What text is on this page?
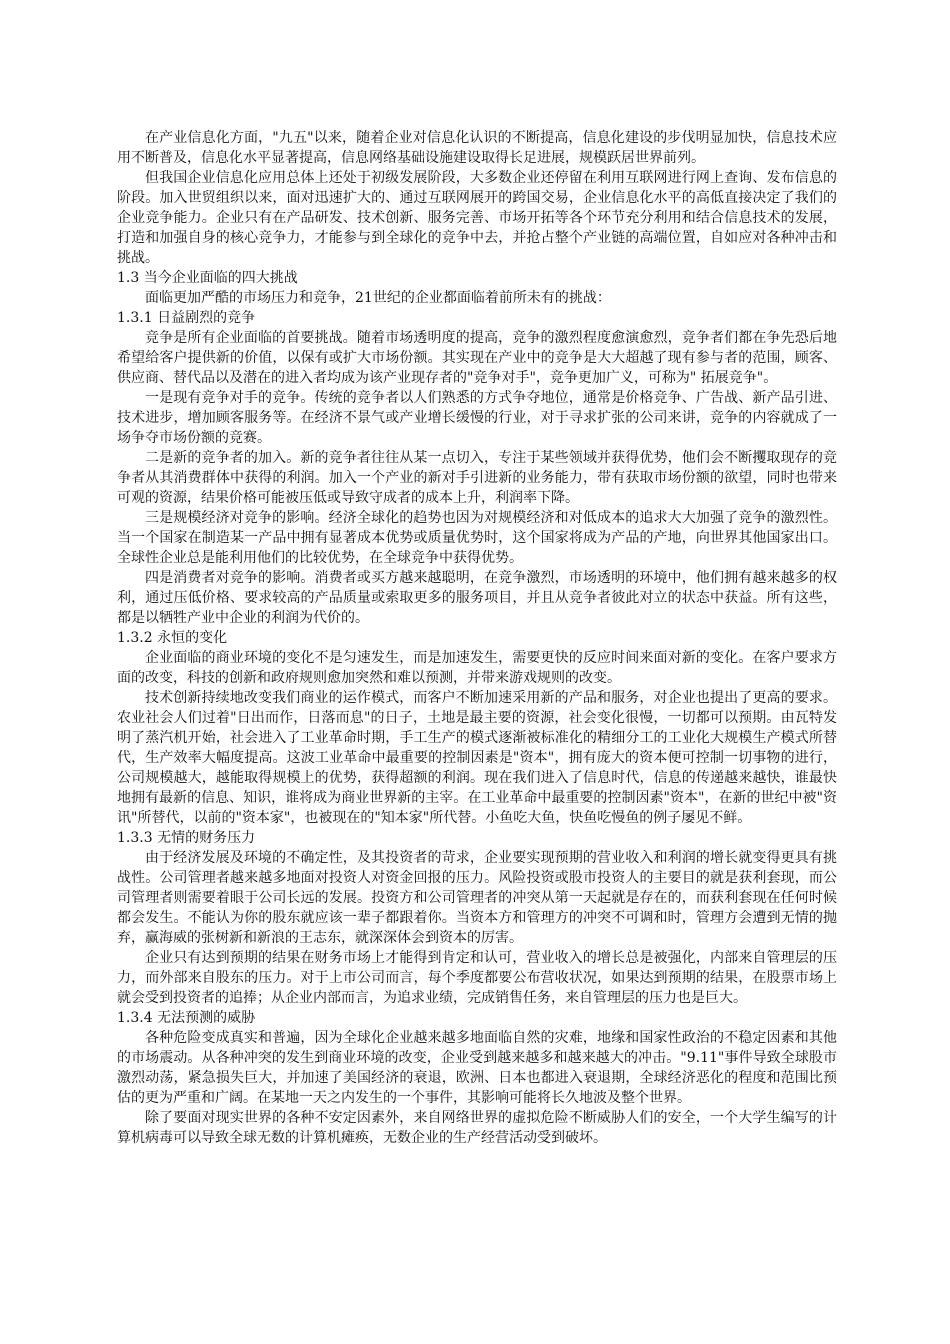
在产业信息化方面，"九五"以来，随着企业对信息化认识的不断提高，信息化建设的步伐明显加快，信息技术应用不断普及，信息化水平显著提高，信息网络基础设施建设取得长足进展，规模跃居世界前列。

但我国企业信息化应用总体上还处于初级发展阶段，大多数企业还停留在利用互联网进行网上查询、发布信息的阶段。加入世贸组织以来，面对迅速扩大的、通过互联网展开的跨国交易，企业信息化水平的高低直接决定了我们的企业竞争能力。企业只有在产品研发、技术创新、服务完善、市场开拓等各个环节充分利用和结合信息技术的发展，打造和加强自身的核心竞争力，才能参与到全球化的竞争中去，并抢占整个产业链的高端位置，自如应对各种冲击和挑战。

1.3 当今企业面临的四大挑战

面临更加严酷的市场压力和竞争，21世纪的企业都面临着前所未有的挑战：

1.3.1 日益剧烈的竞争

竞争是所有企业面临的首要挑战。随着市场透明度的提高，竞争的激烈程度愈演愈烈，竞争者们都在争先恐后地希望给客户提供新的价值，以保有或扩大市场份额。其实现在产业中的竞争是大大超越了现有参与者的范围，顾客、供应商、替代品以及潜在的进入者均成为该产业现存者的"竞争对手"，竞争更加广义，可称为" 拓展竞争"。

一是现有竞争对手的竞争。传统的竞争者以人们熟悉的方式争夺地位，通常是价格竞争、广告战、新产品引进、技术进步，增加顾客服务等。在经济不景气或产业增长缓慢的行业，对于寻求扩张的公司来讲，竞争的内容就成了一场争夺市场份额的竞赛。

二是新的竞争者的加入。新的竞争者往往从某一点切入，专注于某些领域并获得优势，他们会不断攫取现存的竞争者从其消费群体中获得的利润。加入一个产业的新对手引进新的业务能力，带有获取市场份额的欲望，同时也带来可观的资源，结果价格可能被压低或导致守成者的成本上升，利润率下降。

三是规模经济对竞争的影响。经济全球化的趋势也因为对规模经济和对低成本的追求大大加强了竞争的激烈性。当一个国家在制造某一产品中拥有显著成本优势或质量优势时，这个国家将成为产品的产地，向世界其他国家出口。全球性企业总是能利用他们的比较优势，在全球竞争中获得优势。

四是消费者对竞争的影响。消费者或买方越来越聪明，在竞争激烈，市场透明的环境中，他们拥有越来越多的权利，通过压低价格、要求较高的产品质量或索取更多的服务项目，并且从竞争者彼此对立的状态中获益。所有这些，都是以牺牲产业中企业的利润为代价的。

1.3.2 永恒的变化

企业面临的商业环境的变化不是匀速发生，而是加速发生，需要更快的反应时间来面对新的变化。在客户要求方面的改变，科技的创新和政府规则愈加突然和难以预测，并带来游戏规则的改变。

技术创新持续地改变我们商业的运作模式，而客户不断加速采用新的产品和服务，对企业也提出了更高的要求。农业社会人们过着"日出而作，日落而息"的日子，土地是最主要的资源，社会变化很慢，一切都可以预期。由瓦特发明了蒸汽机开始，社会进入了工业革命时期，手工生产的模式逐渐被标准化的精细分工的工业化大规模生产模式所替代，生产效率大幅度提高。这波工业革命中最重要的控制因素是"资本"，拥有庞大的资本便可控制一切事物的进行，公司规模越大，越能取得规模上的优势，获得超额的利润。现在我们进入了信息时代，信息的传递越来越快，谁最快地拥有最新的信息、知识，谁将成为商业世界新的主宰。在工业革命中最重要的控制因素"资本"，在新的世纪中被"资讯"所替代，以前的"资本家"，也被现在的"知本家"所代替。小鱼吃大鱼，快鱼吃慢鱼的例子屡见不鲜。

1.3.3 无情的财务压力

由于经济发展及环境的不确定性，及其投资者的苛求，企业要实现预期的营业收入和利润的增长就变得更具有挑战性。公司管理者越来越多地面对投资人对资金回报的压力。风险投资或股市投资人的主要目的就是获利套现，而公司管理者则需要着眼于公司长远的发展。投资方和公司管理者的冲突从第一天起就是存在的，而获利套现在任何时候都会发生。不能认为你的股东就应该一辈子都跟着你。当资本方和管理方的冲突不可调和时，管理方会遭到无情的抛弃，赢海威的张树新和新浪的王志东，就深深体会到资本的厉害。

企业只有达到预期的结果在财务市场上才能得到肯定和认可，营业收入的增长总是被强化，内部来自管理层的压力，而外部来自股东的压力。对于上市公司而言，每个季度都要公布营收状况，如果达到预期的结果，在股票市场上就会受到投资者的追捧；从企业内部而言，为追求业绩，完成销售任务，来自管理层的压力也是巨大。

1.3.4 无法预测的威胁

各种危险变成真实和普遍，因为全球化企业越来越多地面临自然的灾难，地缘和国家性政治的不稳定因素和其他的市场震动。从各种冲突的发生到商业环境的改变，企业受到越来越多和越来越大的冲击。"9.11"事件导致全球股市激烈动荡，紧急损失巨大，并加速了美国经济的衰退，欧洲、日本也都进入衰退期，全球经济恶化的程度和范围比预估的更为严重和广阔。在某地一天之内发生的一个事件，其影响可能将长久地波及整个世界。

除了要面对现实世界的各种不安定因素外，来自网络世界的虚拟危险不断威胁人们的安全，一个大学生编写的计算机病毒可以导致全球无数的计算机瘫痪，无数企业的生产经营活动受到破坏。
